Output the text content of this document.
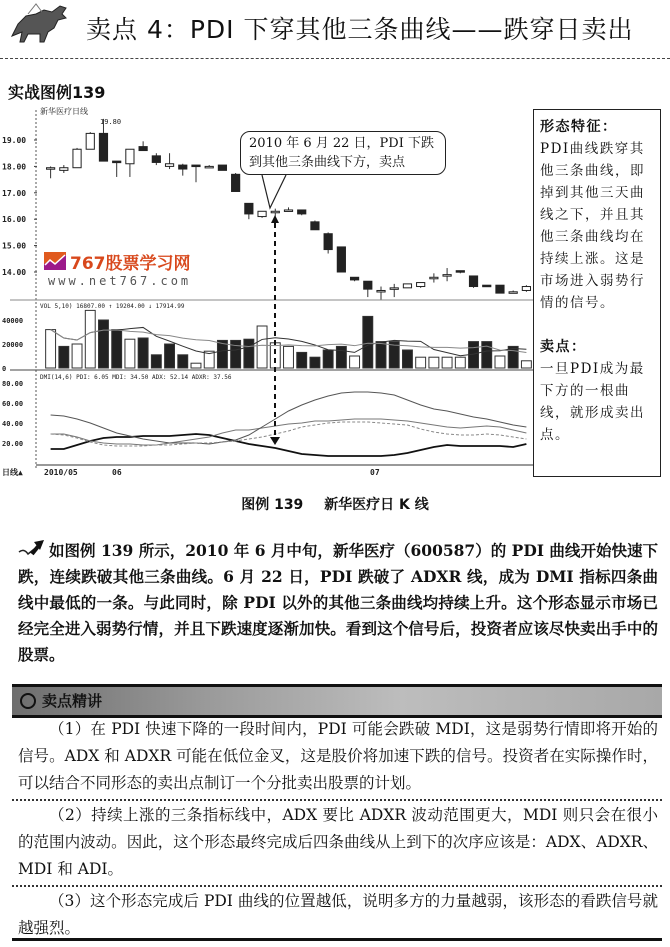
卖点 4：PDI 下穿其他三条曲线——跌穿日卖出
实战图例139
新华医疗日线
19.80
19.00
18.00
17.00
16.00
15.00
14.00
VOL 5,10) 16807.00 ↑ 19204.00 ↓ 17914.99
40000
20000
0
DMI(14,6) PDI: 6.05 MDI: 34.50 ADX: 52.14 ADXR: 37.56
80.00
60.00
40.00
20.00
日线▲	2010/05	06	07
2010 年 6 月 22 日，PDI 下跌
到其他三条曲线下方，卖点
767股票学习网
www.net767.com

形态特征：

PDI曲线跌穿其他三条曲线，即掉到其他三天曲线之下，并且其他三条曲线均在持续上涨。这是市场进入弱势行情的信号。

卖点：

一旦PDI成为最下方的一根曲线，就形成卖出点。

图例 139 新华医疗日 K 线
如图例 139 所示，2010 年 6 月中旬，新华医疗（600587）的 PDI 曲线开始快速下跌，连续跌破其他三条曲线。6 月 22 日，PDI 跌破了 ADXR 线，成为 DMI 指标四条曲线中最低的一条。与此同时，除 PDI 以外的其他三条曲线均持续上升。这个形态显示市场已经完全进入弱势行情，并且下跌速度逐渐加快。看到这个信号后，投资者应该尽快卖出手中的股票。
卖点精讲
（1）在 PDI 快速下降的一段时间内，PDI 可能会跌破 MDI，这是弱势行情即将开始的信号。ADX 和 ADXR 可能在低位金叉，这是股价将加速下跌的信号。投资者在实际操作时，可以结合不同形态的卖出点制订一个分批卖出股票的计划。
（2）持续上涨的三条指标线中，ADX 要比 ADXR 波动范围更大，MDI 则只会在很小的范围内波动。因此，这个形态最终完成后四条曲线从上到下的次序应该是：ADX、ADXR、MDI 和 ADI。
（3）这个形态完成后 PDI 曲线的位置越低，说明多方的力量越弱，该形态的看跌信号就越强烈。
